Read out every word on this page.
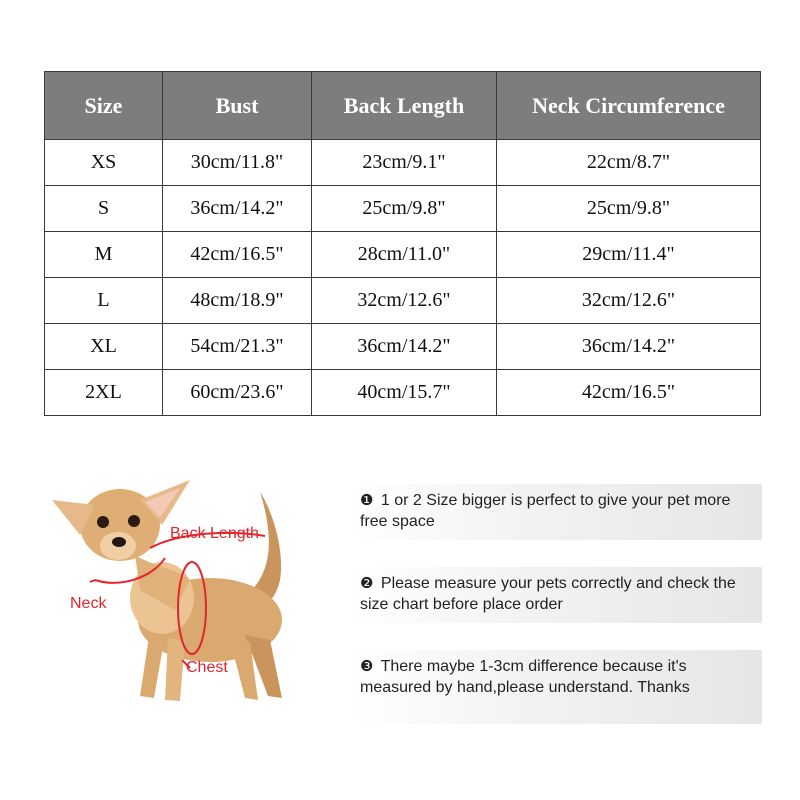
Size	Bust	Back Length	Neck Circumference
XS	30cm/11.8"	23cm/9.1"	22cm/8.7"
S	36cm/14.2"	25cm/9.8"	25cm/9.8"
M	42cm/16.5"	28cm/11.0"	29cm/11.4"
L	48cm/18.9"	32cm/12.6"	32cm/12.6"
XL	54cm/21.3"	36cm/14.2"	36cm/14.2"
2XL	60cm/23.6"	40cm/15.7"	42cm/16.5"
Back Length
Neck
Chest
❶ 1 or 2 Size bigger is perfect to give your pet more free space
❷ Please measure your pets correctly and check the size chart before place order
❸ There maybe 1-3cm difference because it's measured by hand,please understand. Thanks
